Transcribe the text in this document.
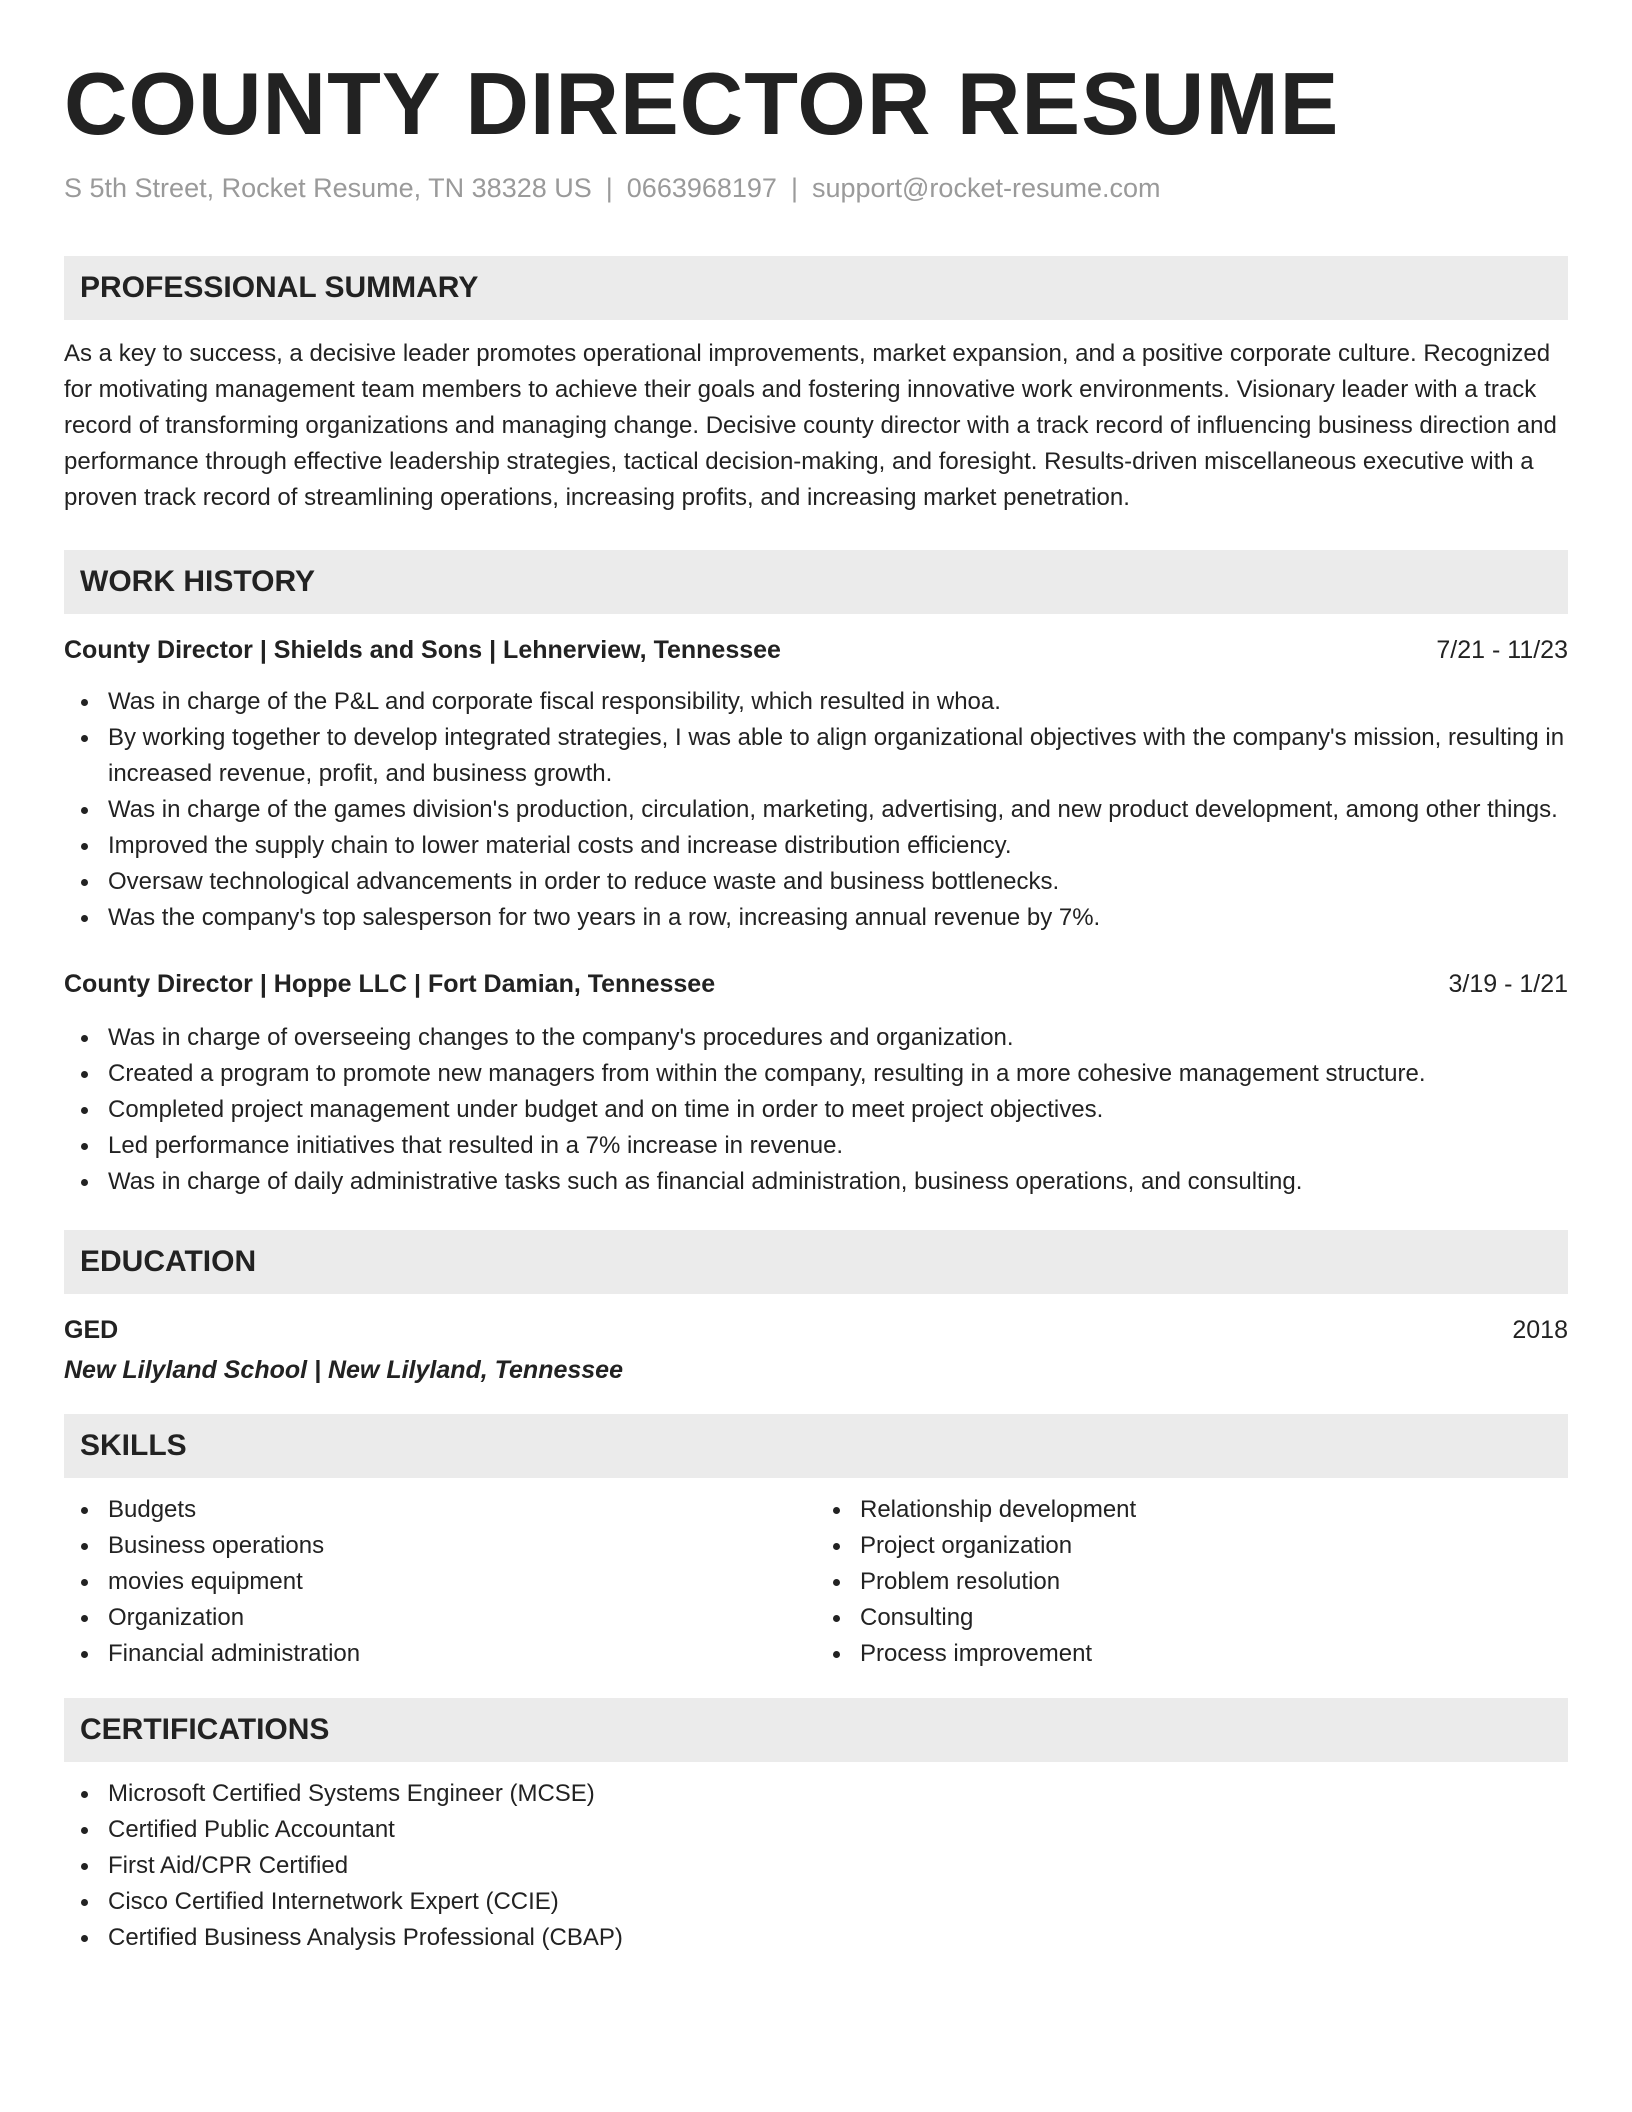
COUNTY DIRECTOR RESUME
S 5th Street, Rocket Resume, TN 38328 US | 0663968197 | support@rocket-resume.com
PROFESSIONAL SUMMARY

As a key to success, a decisive leader promotes operational improvements, market expansion, and a positive corporate culture. Recognized for motivating management team members to achieve their goals and fostering innovative work environments. Visionary leader with a track record of transforming organizations and managing change. Decisive county director with a track record of influencing business direction and performance through effective leadership strategies, tactical decision-making, and foresight. Results-driven miscellaneous executive with a proven track record of streamlining operations, increasing profits, and increasing market penetration.

WORK HISTORY
County Director | Shields and Sons | Lehnerview, Tennessee	7/21 - 11/23
Was in charge of the P&L and corporate fiscal responsibility, which resulted in whoa.
By working together to develop integrated strategies, I was able to align organizational objectives with the company's mission, resulting in increased revenue, profit, and business growth.
Was in charge of the games division's production, circulation, marketing, advertising, and new product development, among other things.
Improved the supply chain to lower material costs and increase distribution efficiency.
Oversaw technological advancements in order to reduce waste and business bottlenecks.
Was the company's top salesperson for two years in a row, increasing annual revenue by 7%.
County Director | Hoppe LLC | Fort Damian, Tennessee	3/19 - 1/21
Was in charge of overseeing changes to the company's procedures and organization.
Created a program to promote new managers from within the company, resulting in a more cohesive management structure.
Completed project management under budget and on time in order to meet project objectives.
Led performance initiatives that resulted in a 7% increase in revenue.
Was in charge of daily administrative tasks such as financial administration, business operations, and consulting.
EDUCATION
GED	2018
New Lilyland School | New Lilyland, Tennessee
SKILLS
Budgets
Business operations
movies equipment
Organization
Financial administration
Relationship development
Project organization
Problem resolution
Consulting
Process improvement
CERTIFICATIONS
Microsoft Certified Systems Engineer (MCSE)
Certified Public Accountant
First Aid/CPR Certified
Cisco Certified Internetwork Expert (CCIE)
Certified Business Analysis Professional (CBAP)
